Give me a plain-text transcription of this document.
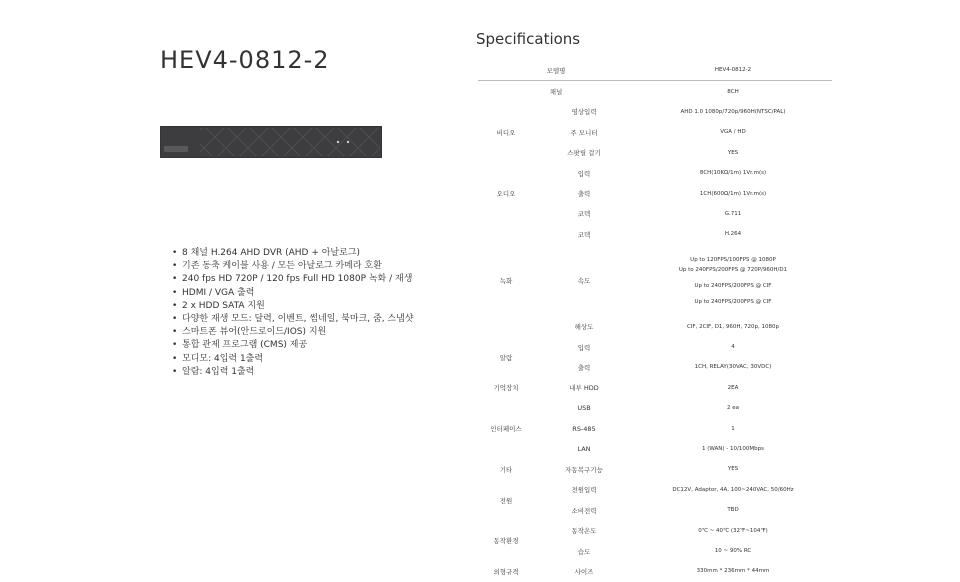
HEV4-0812-2
Specifications
• 8 채널 H.264 AHD DVR (AHD + 아날로그)
• 기존 동축 케이블 사용 / 모든 아날로그 카메라 호환
• 240 fps HD 720P / 120 fps Full HD 1080P 녹화 / 재생
• HDMI / VGA 출력
• 2 x HDD SATA 지원
• 다양한 재생 모드: 달력, 이벤트, 썸네일, 북마크, 줌, 스냅샷
• 스마트폰 뷰어(안드로이드/IOS) 지원
• 통합 관제 프로그램 (CMS) 제공
• 모디모: 4입력 1출력
• 알람: 4입력 1출력
모델명		HEV4-0812-2
채널		8CH
비디오	영상입력	AHD 1.0 1080p/720p/960H(NTSC/PAL)
	주 모니터	VGA / HD
	스팟릴 걸기	YES
오디오	입력	8CH(10KΩ/1m) 1Vr.m(s)
	출력	1CH(600Ω/1m) 1Vr.m(s)
	코덱	G.711
녹화	코덱	H.264
	속도	Up to 120FPS/100FPS @ 1080P
Up to 240FPS/200FPS @ 720P/960H/D1
Up to 240FPS/200FPS @ CIF
Up to 240FPS/200FPS @ CIF

	해상도	CIF, 2CIF, D1, 960H, 720p, 1080p
알람	입력	4
	출력	1CH, RELAY(30VAC, 30VDC)
기억장치	내부 HDD	2EA
인터페이스	USB	2 ea
	RS-485	1
	LAN	1 (WAN) - 10/100Mbps
기타	자동복구기능	YES
전원	전원입력	DC12V, Adaptor, 4A, 100~240VAC, 50/60Hz
	소비전력	TBD
동작환경	동작온도	0℃ ~ 40℃ (32℉~104℉)
	습도	10 ~ 90% RC
외형규격	사이즈	330mm * 236mm * 44mm
